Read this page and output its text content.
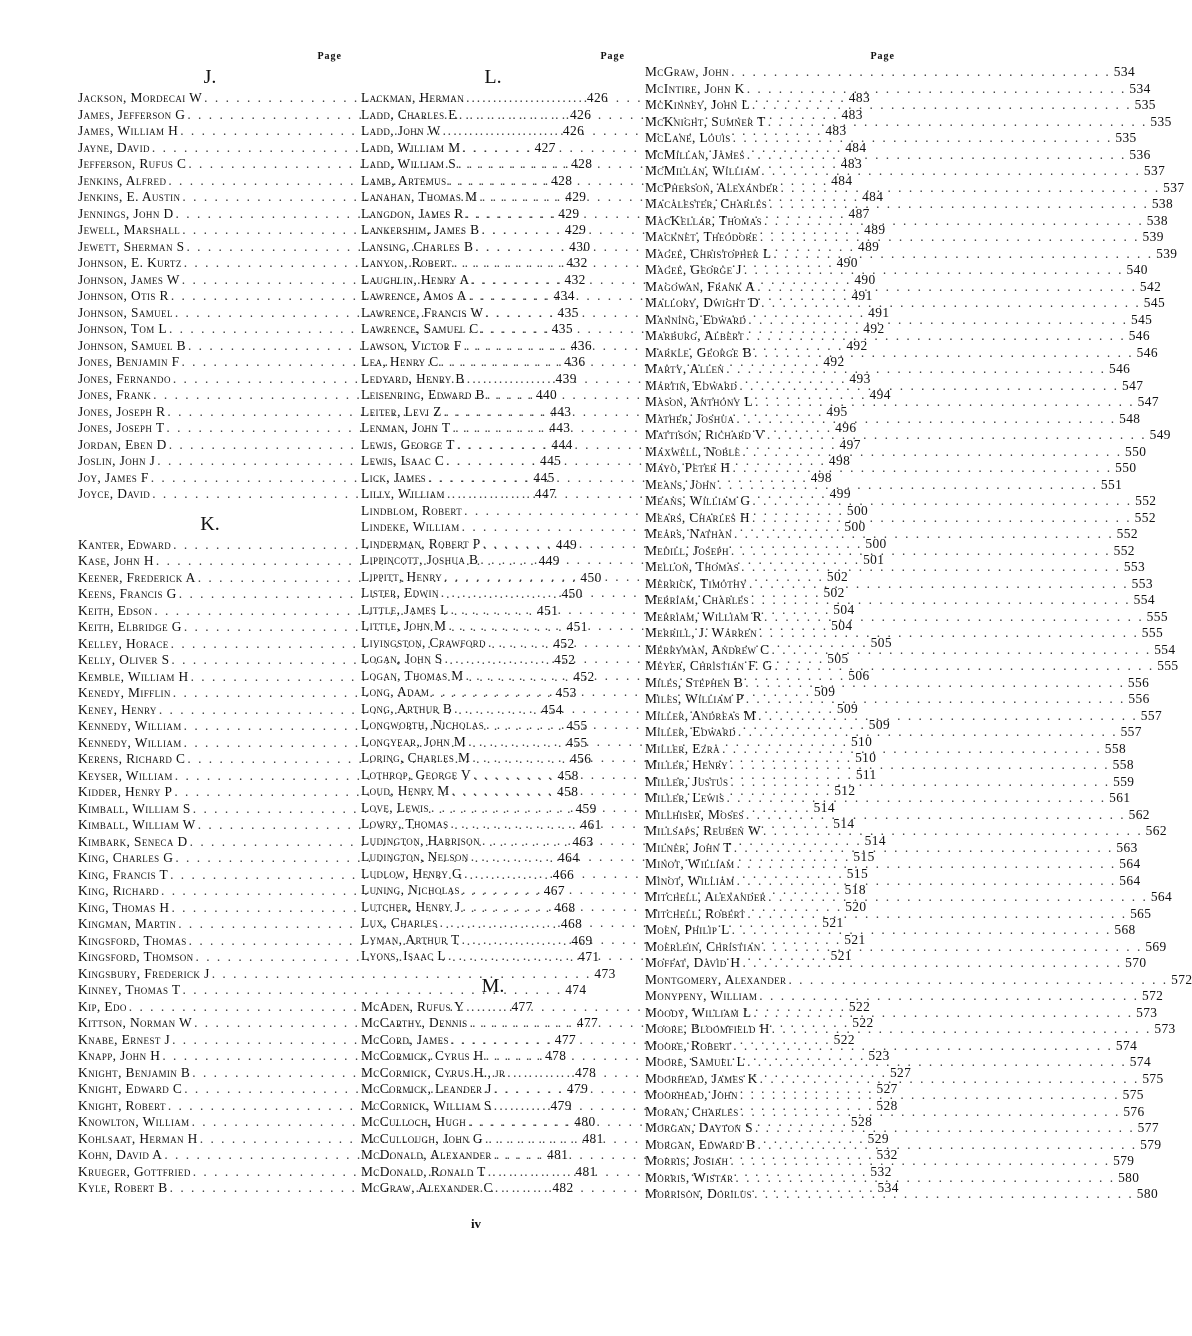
Page
J.
Jackson, Mordecai W . . .	426
James, Jefferson G . . .	426
James, William H . . .	426
Jayne, David . . .	427
Jefferson, Rufus C . . .	428
Jenkins, Alfred . . .	428
Jenkins, E. Austin . . .	429
Jennings, John D . . .	429
Jewell, Marshall . . .	429
Jewett, Sherman S . . .	430
Johnson, E. Kurtz . . .	432
Johnson, James W . . .	432
Johnson, Otis R . . .	434
Johnson, Samuel . . .	435
Johnson, Tom L . . .	435
Johnson, Samuel B . . .	436
Jones, Benjamin F . . .	436
Jones, Fernando . . .	439
Jones, Frank . . .	440
Jones, Joseph R . . .	443
Jones, Joseph T . . .	443
Jordan, Eben D . . .	444
Joslin, John J . . .	445
Joy, James F . . .	445
Joyce, David . . .	447
K.
Kanter, Edward . . .	449
Kase, John H . . .	449
Keener, Frederick A . . .	450
Keens, Francis G . . .	450
Keith, Edson . . .	451
Keith, Elbridge G . . .	451
Kelley, Horace . . .	452
Kelly, Oliver S . . .	452
Kemble, William H . . .	452
Kenedy, Mifflin . . .	453
Keney, Henry . . .	454
Kennedy, William . . .	455
Kennedy, William . . .	455
Kerens, Richard C . . .	456
Keyser, William . . .	458
Kidder, Henry P . . .	458
Kimball, William S . . .	459
Kimball, William W . . .	461
Kimbark, Seneca D . . .	463
King, Charles G . . .	464
King, Francis T . . .	466
King, Richard . . .	467
King, Thomas H . . .	468
Kingman, Martin . . .	468
Kingsford, Thomas . . .	469
Kingsford, Thomson . . .	471
Kingsbury, Frederick J . . .	473
Kinney, Thomas T . . .	474
Kip, Edo . . .	477
Kittson, Norman W . . .	477
Knabe, Ernest J . . .	477
Knapp, John H . . .	478
Knight, Benjamin B . . .	478
Knight, Edward C . . .	479
Knight, Robert . . .	479
Knowlton, William . . .	480
Kohlsaat, Herman H . . .	481
Kohn, David A . . .	481
Krueger, Gottfried . . .	481
Kyle, Robert B . . .	482
Page
L.
Lackman, Herman . . .	483
Ladd, Charles E . . .	483
Ladd, John W . . .	483
Ladd, William M . . .	484
Ladd, William S . . .	483
Lamb, Artemus . . .	484
Lanahan, Thomas M . . .	484
Langdon, James R . . .	487
Lankershim, James B . . .	489
Lansing, Charles B . . .	489
Lanyon, Robert . . .	490
Laughlin, Henry A . . .	490
Lawrence, Amos A . . .	491
Lawrence, Francis W . . .	491
Lawrence, Samuel C . . .	492
Lawson, Victor F . . .	492
Lea, Henry C . . .	492
Ledyard, Henry B . . .	493
Leisenring, Edward B . . .	494
Leiter, Levi Z . . .	495
Lenman, John T . . .	496
Lewis, George T . . .	497
Lewis, Isaac C . . .	498
Lick, James . . .	498
Lilly, William . . .	499
Lindblom, Robert . . .	500
Lindeke, William . . .	500
Linderman, Robert P . . .	500
Lippincott, Joshua B . . .	501
Lippitt, Henry . . .	502
Lister, Edwin . . .	502
Little, James L . . .	504
Little, John M . . .	504
Livingston, Crawford . . .	505
Logan, John S . . .	505
Logan, Thomas M . . .	506
Long, Adam . . .	509
Long, Arthur B . . .	509
Longworth, Nicholas . . .	509
Longyear, John M . . .	510
Loring, Charles M . . .	510
Lothrop, George V . . .	511
Loud, Henry M . . .	512
Love, Lewis . . .	514
Lowry, Thomas . . .	514
Ludington, Harrison . . .	514
Ludington, Nelson . . .	515
Ludlow, Henry G . . .	515
Luning, Nicholas . . .	518
Lutcher, Henry J . . .	520
Lux, Charles . . .	521
Lyman, Arthur T . . .	521
Lyons, Isaac L . . .	521
M.
McAden, Rufus Y . . .	522
McCarthy, Dennis . . .	522
McCord, James . . .	522
McCormick, Cyrus H . . .	523
McCormick, Cyrus H., jr . . .	527
McCormick, Leander J . . .	527
McCornick, William S . . .	528
McCulloch, Hugh . . .	528
McCullough, John G . . .	529
McDonald, Alexander . . .	532
McDonald, Ronald T . . .	532
McGraw, Alexander C . . .	534
Page
McGraw, John . . .	534
McIntire, John K . . .	534
McKinney, John L . . .	535
McKnight, Sumner T . . .	535
McLane, Louis . . .	535
McMillan, James . . .	536
McMillan, William . . .	537
McPherson, Alexander . . .	537
Macalester, Charles . . .	538
MacKellar, Thomas . . .	538
Macknet, Theodore . . .	539
Magee, Christopher L . . .	539
Magee, George J . . .	540
Magowan, Frank A . . .	542
Mallory, Dwight D . . .	545
Manning, Edward . . .	545
Marburg, Albert . . .	546
Markle, George B . . .	546
Marty, Allen . . .	546
Martin, Edward . . .	547
Mason, Anthony L . . .	547
Mather, Joshua . . .	548
Mattison, Richard V . . .	549
Maxwell, Noble . . .	550
Mayo, Peter H . . .	550
Means, John . . .	551
Means, William G . . .	552
Mears, Charles H . . .	552
Mears, Nathan . . .	552
Medill, Joseph . . .	552
Mellon, Thomas . . .	553
Merrick, Timothy . . .	553
Merriam, Charles . . .	554
Merriam, William R . . .	555
Merrill, J. Warren . . .	555
Merryman, Andrew C . . .	554
Meyer, Christian F. G . . .	555
Miles, Stephen B . . .	556
Miles, William P . . .	556
Miller, Andreas M . . .	557
Miller, Edward . . .	557
Miller, Ezra . . .	558
Miller, Henry . . .	558
Miller, Justus . . .	559
Miller, Lewis . . .	561
Millhiser, Moses . . .	562
Millsaps, Reuben W . . .	562
Milner, John T . . .	563
Minot, William . . .	564
Minot, William . . .	564
Mitchell, Alexander . . .	564
Mitchell, Robert . . .	565
Moen, Philip L . . .	568
Moerlein, Christian . . .	569
Moffat, David H . . .	570
Montgomery, Alexander . . .	572
Monypeny, William . . .	572
Moody, William L . . .	573
Moore, Bloomfield H . . .	573
Moore, Robert . . .	574
Moore, Samuel L . . .	574
Moorhead, James K . . .	575
Moorhead, John . . .	575
Moran, Charles . . .	576
Morgan, Dayton S . . .	577
Morgan, Edward B . . .	579
Morris, Josiah . . .	579
Morris, Wistar . . .	580
Morrison, Dorilus . . .	580
iv
